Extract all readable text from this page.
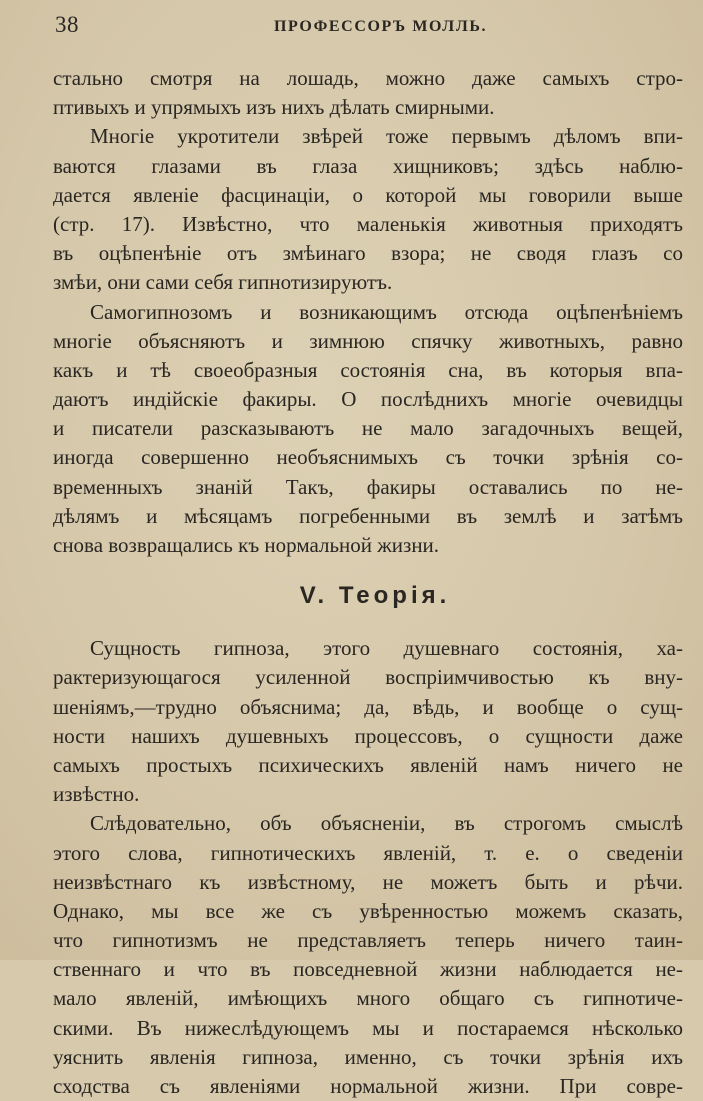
38	ПРОФЕССОРЪ МОЛЛЬ.
стально смотря на лошадь, можно даже самыхъ стро-
птивыхъ и упрямыхъ изъ нихъ дѣлать смирными.
Многіе укротители звѣрей тоже первымъ дѣломъ впи-
ваются глазами въ глаза хищниковъ; здѣсь наблю-
дается явленіе фасцинаціи, о которой мы говорили выше
(стр. 17). Извѣстно, что маленькія животныя приходятъ
въ оцѣпенѣніе отъ змѣинаго взора; не сводя глазъ со
змѣи, они сами себя гипнотизируютъ.
Самогипнозомъ и возникающимъ отсюда оцѣпенѣніемъ
многіе объясняютъ и зимнюю спячку животныхъ, равно
какъ и тѣ своеобразныя состоянія сна, въ которыя впа-
даютъ индійскіе факиры. О послѣднихъ многіе очевидцы
и писатели разсказываютъ не мало загадочныхъ вещей,
иногда совершенно необъяснимыхъ съ точки зрѣнія со-
временныхъ знаній Такъ, факиры оставались по не-
дѣлямъ и мѣсяцамъ погребенными въ землѣ и затѣмъ
снова возвращались къ нормальной жизни.
V. Теорія.
Сущность гипноза, этого душевнаго состоянія, ха-
рактеризующагося усиленной воспріимчивостью къ вну-
шеніямъ,—трудно объяснима; да, вѣдь, и вообще о сущ-
ности нашихъ душевныхъ процессовъ, о сущности даже
самыхъ простыхъ психическихъ явленій намъ ничего не
извѣстно.
Слѣдовательно, объ объясненіи, въ строгомъ смыслѣ
этого слова, гипнотическихъ явленій, т. е. о сведеніи
неизвѣстнаго къ извѣстному, не можетъ быть и рѣчи.
Однако, мы все же съ увѣренностью можемъ сказать,
что гипнотизмъ не представляетъ теперь ничего таин-
ственнаго и что въ повседневной жизни наблюдается не-
мало явленій, имѣющихъ много общаго съ гипнотиче-
скими. Въ нижеслѣдующемъ мы и постараемся нѣсколько
уяснить явленія гипноза, именно, съ точки зрѣнія ихъ
сходства съ явленіями нормальной жизни. При совре-
